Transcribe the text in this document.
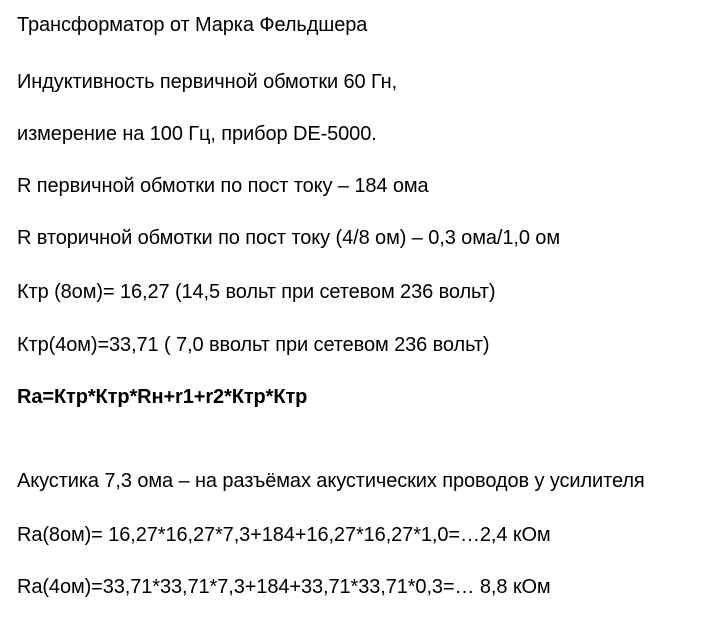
Трансформатор от Марка Фельдшера
Индуктивность первичной обмотки 60 Гн,
измерение на 100 Гц, прибор DE-5000.
R первичной обмотки по пост току – 184 ома
R вторичной обмотки по пост току (4/8 ом) – 0,3 ома/1,0 ом
Ктр (8ом)= 16,27 (14,5 вольт при сетевом 236 вольт)
Ктр(4ом)=33,71 ( 7,0 ввольт при сетевом 236 вольт)
Ra=Ктр*Ктр*Rн+r1+r2*Ктр*Ктр
Акустика 7,3 ома – на разъёмах акустических проводов у усилителя
Ra(8ом)= 16,27*16,27*7,3+184+16,27*16,27*1,0=…2,4 кОм
Ra(4ом)=33,71*33,71*7,3+184+33,71*33,71*0,3=… 8,8 кОм
